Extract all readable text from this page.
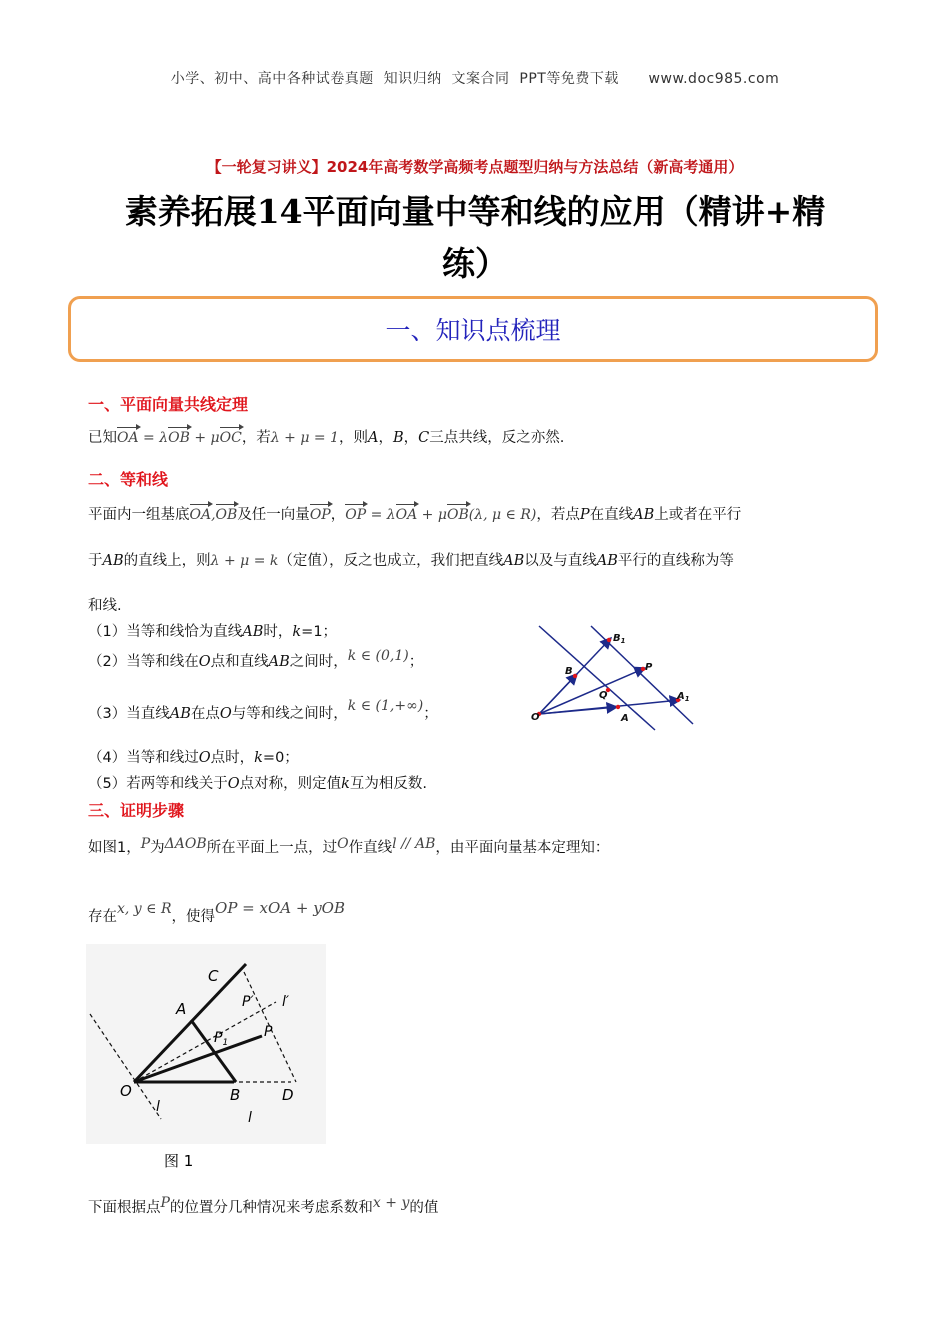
小学、初中、高中各种试卷真题  知识归纳  文案合同  PPT等免费下载      www.doc985.com
【一轮复习讲义】2024年高考数学高频考点题型归纳与方法总结（新高考通用）
素养拓展14平面向量中等和线的应用（精讲+精
练）
一、知识点梳理
一、平面向量共线定理
已知OA = λOB + μOC，若λ + μ = 1，则A，B，C三点共线，反之亦然.
二、等和线
平面内一组基底OA,OB及任一向量OP，OP = λOA + μOB(λ, μ ∈ R)，若点P在直线AB上或者在平行
于AB的直线上，则λ + μ = k（定值），反之也成立，我们把直线AB以及与直线AB平行的直线称为等
和线.
（1）当等和线恰为直线AB时，k=1；
（2）当等和线在O点和直线AB之间时，k ∈ (0,1)；
（3）当直线AB在点O与等和线之间时，k ∈ (1,+∞)；
（4）当等和线过O点时，k=0；
（5）若两等和线关于O点对称，则定值k互为相反数.
$B_1$
B	P
Q	$A_1$
O	A
三、证明步骤
如图1，P为ΔAOB所在平面上一点，过O作直线l // AB，由平面向量基本定理知：
存在x, y ∈ R，使得OP = xOA + yOB
C
A	P′ l′
P
$P_1$
O
l
B	D
l
图 1
下面根据点P的位置分几种情况来考虑系数和x + y的值
